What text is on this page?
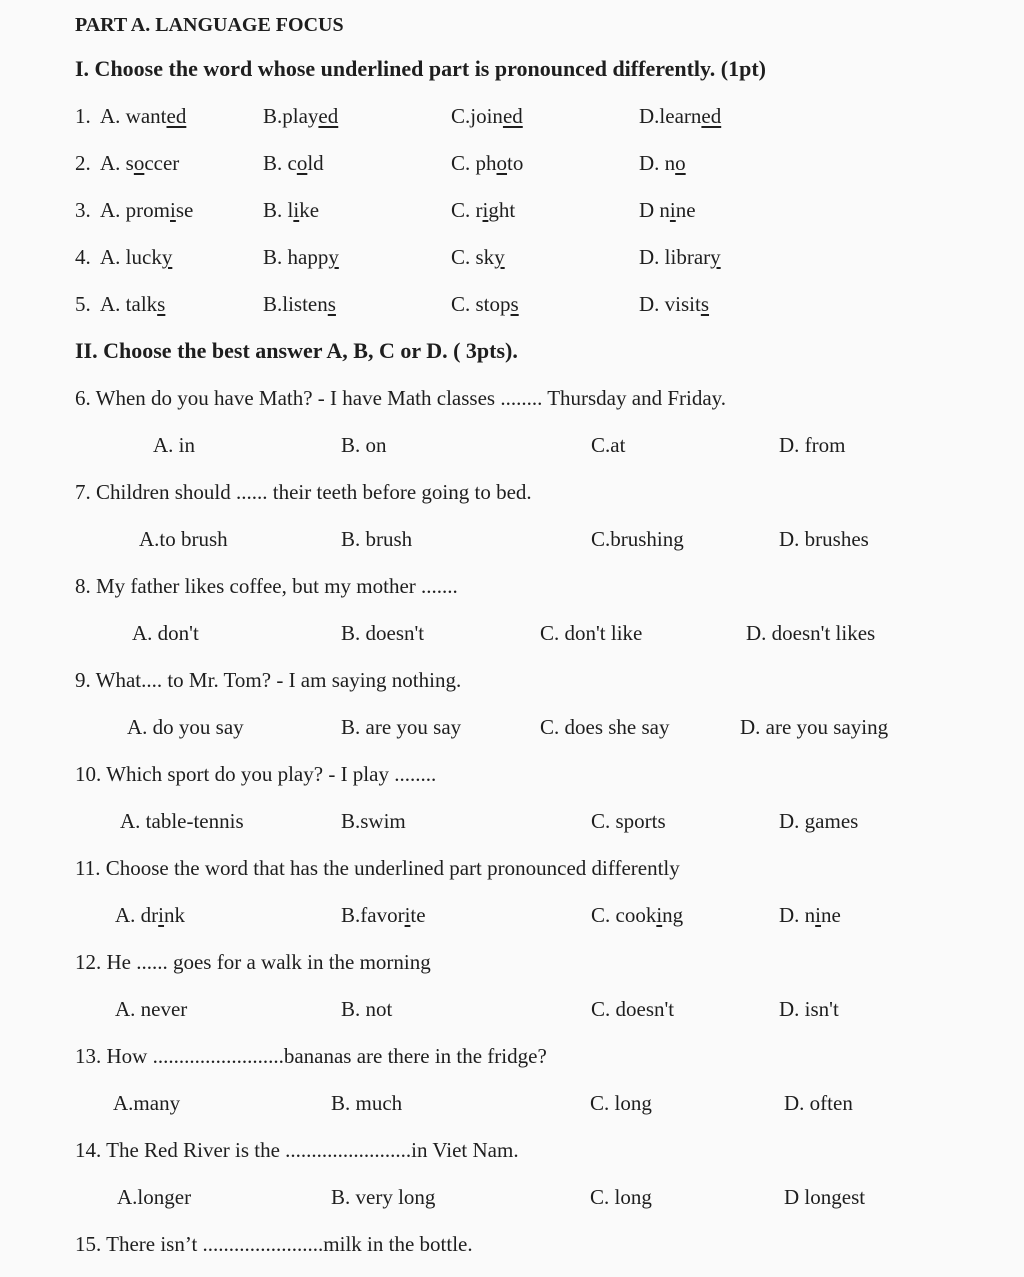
PART A. LANGUAGE FOCUS
I. Choose the word whose underlined part is pronounced differently. (1pt)
1. A. wanted	B.played	C.joined	D.learned
2. A. soccer	B. cold	C. photo	D. no
3. A. promise	B. like	C. right	D nine
4. A. lucky	B. happy	C. sky	D. library
5. A. talks	B.listens	C. stops	D. visits
II. Choose the best answer A, B, C or D. ( 3pts).
6. When do you have Math? - I have Math classes ........ Thursday and Friday.
A. in	B. on	C.at	D. from
7. Children should ...... their teeth before going to bed.
A.to brush	B. brush	C.brushing	D. brushes
8. My father likes coffee, but my mother .......
A. don't	B. doesn't	C. don't like	D. doesn't likes
9. What.... to Mr. Tom? - I am saying nothing.
A. do you say	B. are you say	C. does she say	D. are you saying
10. Which sport do you play? - I play ........
A. table-tennis	B.swim	C. sports	D. games
11. Choose the word that has the underlined part pronounced differently
A. drink	B.favorite	C. cooking	D. nine
12. He ...... goes for a walk in the morning
A. never	B. not	C. doesn't	D. isn't
13. How .........................bananas are there in the fridge?
A.many	B. much	C. long	D. often
14. The Red River is the ........................in Viet Nam.
A.longer	B. very long	C. long	D longest
15. There isn’t .......................milk in the bottle.
